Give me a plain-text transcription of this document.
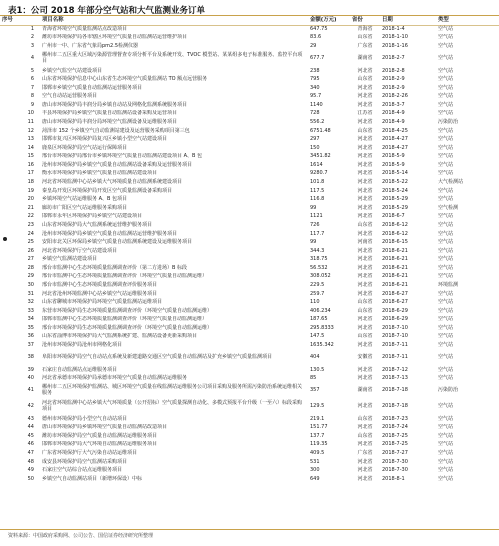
表1：公司 2018 年部分空气站和大气监测业务订单
序号	项目名称	金额(万元)	省份	日期	类型
1	青海省环境空气质量监测站点改造项目	647.75	青海省	2018-1-4	空气站
2	潍坊市环境保护局各市辖区环境空气质量自动监测站运营维护项目	83.6	山东省	2018-1-10	空气站
3	广州市一中、广东省气象局pm2.5检测仪器	29	广东省	2018-1-16	空气站
4	郴州市二五区重大区域污染源管理督查专项分析平台及系统开发、TVOC 模型站、某某组多电子标准服务、监控平台项目	677.7	湖南省	2018-2-7	空气站
5	乡镇空气监空气站建设项目	238	河北省	2018-2-8	空气站
6	山东省环境保护信息中心山东省生态环境空气质量监测站 TO 额点远营服务	795	山东省	2018-2-9	空气站
7	邯郸市乡镇空气质量自动监测站运营服务项目	340	河北省	2018-2-9	空气站
8	空气自动站运营服务项目	95.7	河北省	2018-2-26	空气站
9	唐山市环境保护局丰润分局乡镇自动站及网格化监测系统服务项目	1140	河北省	2018-3-7	空气站
10	丰县环境保护局乡镇空气质量自动监测站设备采购及运营项目	728	江苏省	2018-4-9	空气站
11	唐山市环境保护局丰润分局环境空气监测设备及运维服务项目	556.2	河北省	2018-4-9	污染防治
12	菏泽市 152 个乡镇空气自动监测站建设及运营服务采购项目第三包	6751.48	山东省	2018-4-25	空气站
13	邯郸市复兴区环境保护局复兴区乡镇小型空气站建设项目	297	河北省	2018-4-27	空气站
14	鹿泉区环境保护局空气站运行保障项目	150	河北省	2018-4-27	空气站
15	邢台市环境保护局邢台市乡镇环境空气质量自动监测站建设项目 A、B 包	3451.82	河北省	2018-5-9	空气站
16	沧州市环境保护局乡镇空气质量自动监测站设备采购及运营服务项目	1614	河北省	2018-5-9	空气站
17	衡水市环境保护局乡镇空气质量自动监测站建设项目	9280.7	河北省	2018-5-14	空气站
18	河北省环境监测中心站乡镇大气环境质量自动监测系统建设项目	101.8	河北省	2018-5-22	大气检测站
19	秦皇岛开发区环境保护局开发区空气质量监测设备采购项目	117.5	河北省	2018-5-24	空气站
20	乡镇环境空气站运维服务 A、B 包项目	116.8	河北省	2018-5-29	空气站
21	廊坊市广阳区空气站运维服务采购项目	99	河北省	2018-5-29	空气检测
22	邯郸市永年区环境保护局乡镇空气站建设项目	1121	河北省	2018-6-7	空气站
23	山东省环境保护局大气监测系统运营维护服务项目	726	山东省	2018-6-12	空气站
24	沧州市环境保护局乡镇空气质量自动监测站运营维护服务项目	117.7	河北省	2018-6-12	空气站
25	安阳市北关区环保局乡镇空气质量自动监测系统建设及运维服务项目	99	河南省	2018-6-15	空气站
26	河北省环境保护厅空气站建设项目	344.3	河北省	2018-6-21	空气站
27	乡镇空气监测站建设项目	318.75	河北省	2018-6-21	空气站
28	邢台市监测中心生态环境质量监测调查评价（第二方进场）B 标段	56.532	河北省	2018-6-21	空气站
29	邢台市监测中心生态环境质量监测调查评价（环境空气质量自动监测运维）	308.052	河北省	2018-6-21	空气站
30	邢台市监测中心生态环境质量监测调查评价服务项目	229.5	河北省	2018-6-21	环境监测
31	河北省沧州环境监测中心站乡镇空气站运维服务项目	259.7	河北省	2018-6-27	空气站
32	山东省聊城市环境保护局环境空气质量监测站运维项目	110	山东省	2018-6-27	空气站
33	东营市环境保护局生态环境质量监测调查评价（环境空气质量自动监测运维）	406.234	山东省	2018-6-29	空气站
34	邯郸市监测中心生态环境质量监测调查评价（环境空气质量自动监测运维）	187.65	河北省	2018-6-29	空气站
35	邢台市环境保护局生态环境质量监测调查评价（环境空气质量自动监测运维）	295.8333	河北省	2018-7-10	空气站
36	山东省淄博市环境保护局大气监测系统扩建、监测站设备更新采购项目	147.5	山东省	2018-7-10	空气站
37	沧州市环境保护局沧州市网格化项目	1635.342	河北省	2018-7-11	空气站
38	阜阳市环境保护局空气自动站点系统及新建道路交通区空气质量自动监测站及扩充乡镇空气质量监测项目	404	安徽省	2018-7-11	空气站
39	石家庄自动监测站点运维服务项目	130.5	河北省	2018-7-12	空气站
40	河北省承德市环境保护局承德市环境空气质量自动监测站运维服务	85	河北省	2018-7-13	空气站
41	郴州市二五区环境保护监测站、城区环境空气质量在线监测站运维服务公司项目采购及服务所需污染防治系统运维相关服务	357	湖南省	2018-7-18	污染防治
42	河北省环境监测中心站乡镇大气环境质量（公开招标）空气质量探测自动化、多模式预报平台升级（一至六）标段采购项目	129.5	河北省	2018-7-18	空气站
43	德州市环境保护局小型空气自动站项目	219.1	山东省	2018-7-23	空气站
44	唐山市环境保护局乡镇环境空气质量自动监测站改造项目	151.77	河北省	2018-7-24	空气站
45	潍坊市环境保护局空气质量自动监测站运维服务项目	137.7	山东省	2018-7-25	空气站
46	邯郸市环境保护局大气环境自动监测站运维服务项目	119.35	河北省	2018-7-25	空气站
47	广东省环境保护厅大气污染自动站运维项目	409.5	广东省	2018-7-27	空气站
48	成安县环境保护局空气监测站采购项目	531	河北省	2018-7-30	空气站
49	石家庄空气站综合站点运维服务项目	300	河北省	2018-7-30	空气站
50	乡镇空气自动监测站项目（新增环保设）中标	649	河北省	2018-8-1	空气站
资料来源：中国政府采购网、公司公告、国信证券经济研究所整理
